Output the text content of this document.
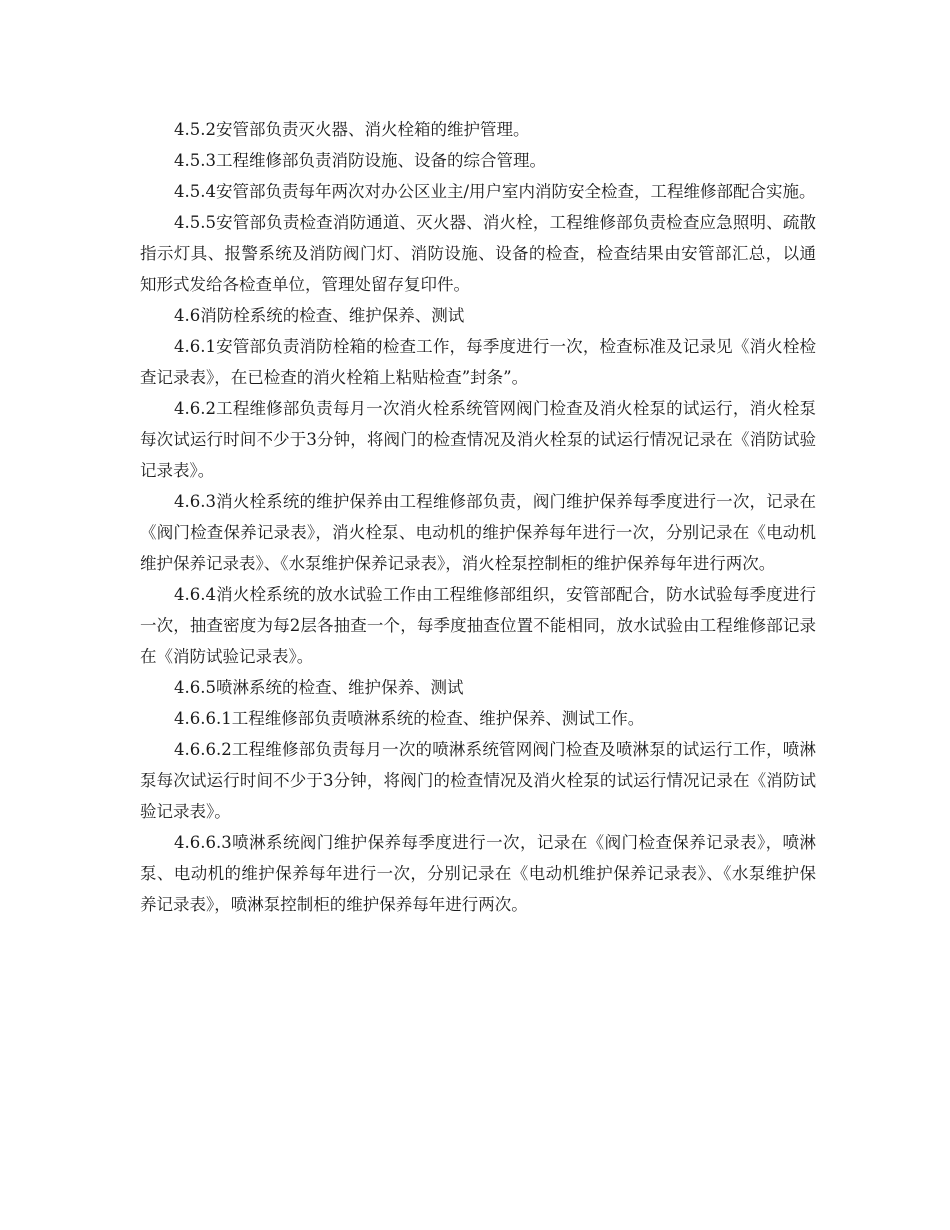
4.5.2安管部负责灭火器、消火栓箱的维护管理。

4.5.3工程维修部负责消防设施、设备的综合管理。

4.5.4安管部负责每年两次对办公区业主/用户室内消防安全检查，工程维修部配合实施。

4.5.5安管部负责检查消防通道、灭火器、消火栓，工程维修部负责检查应急照明、疏散指示灯具、报警系统及消防阀门灯、消防设施、设备的检查，检查结果由安管部汇总，以通知形式发给各检查单位，管理处留存复印件。

4.6消防栓系统的检查、维护保养、测试

4.6.1安管部负责消防栓箱的检查工作，每季度进行一次，检查标准及记录见《消火栓检查记录表》，在已检查的消火栓箱上粘贴检查”封条”。

4.6.2工程维修部负责每月一次消火栓系统管网阀门检查及消火栓泵的试运行，消火栓泵每次试运行时间不少于3分钟，将阀门的检查情况及消火栓泵的试运行情况记录在《消防试验记录表》。

4.6.3消火栓系统的维护保养由工程维修部负责，阀门维护保养每季度进行一次，记录在《阀门检查保养记录表》，消火栓泵、电动机的维护保养每年进行一次，分别记录在《电动机维护保养记录表》、《水泵维护保养记录表》，消火栓泵控制柜的维护保养每年进行两次。

4.6.4消火栓系统的放水试验工作由工程维修部组织，安管部配合，防水试验每季度进行一次，抽查密度为每2层各抽查一个，每季度抽查位置不能相同，放水试验由工程维修部记录在《消防试验记录表》。

4.6.5喷淋系统的检查、维护保养、测试

4.6.6.1工程维修部负责喷淋系统的检查、维护保养、测试工作。

4.6.6.2工程维修部负责每月一次的喷淋系统管网阀门检查及喷淋泵的试运行工作，喷淋泵每次试运行时间不少于3分钟，将阀门的检查情况及消火栓泵的试运行情况记录在《消防试验记录表》。

4.6.6.3喷淋系统阀门维护保养每季度进行一次，记录在《阀门检查保养记录表》，喷淋泵、电动机的维护保养每年进行一次，分别记录在《电动机维护保养记录表》、《水泵维护保养记录表》，喷淋泵控制柜的维护保养每年进行两次。
